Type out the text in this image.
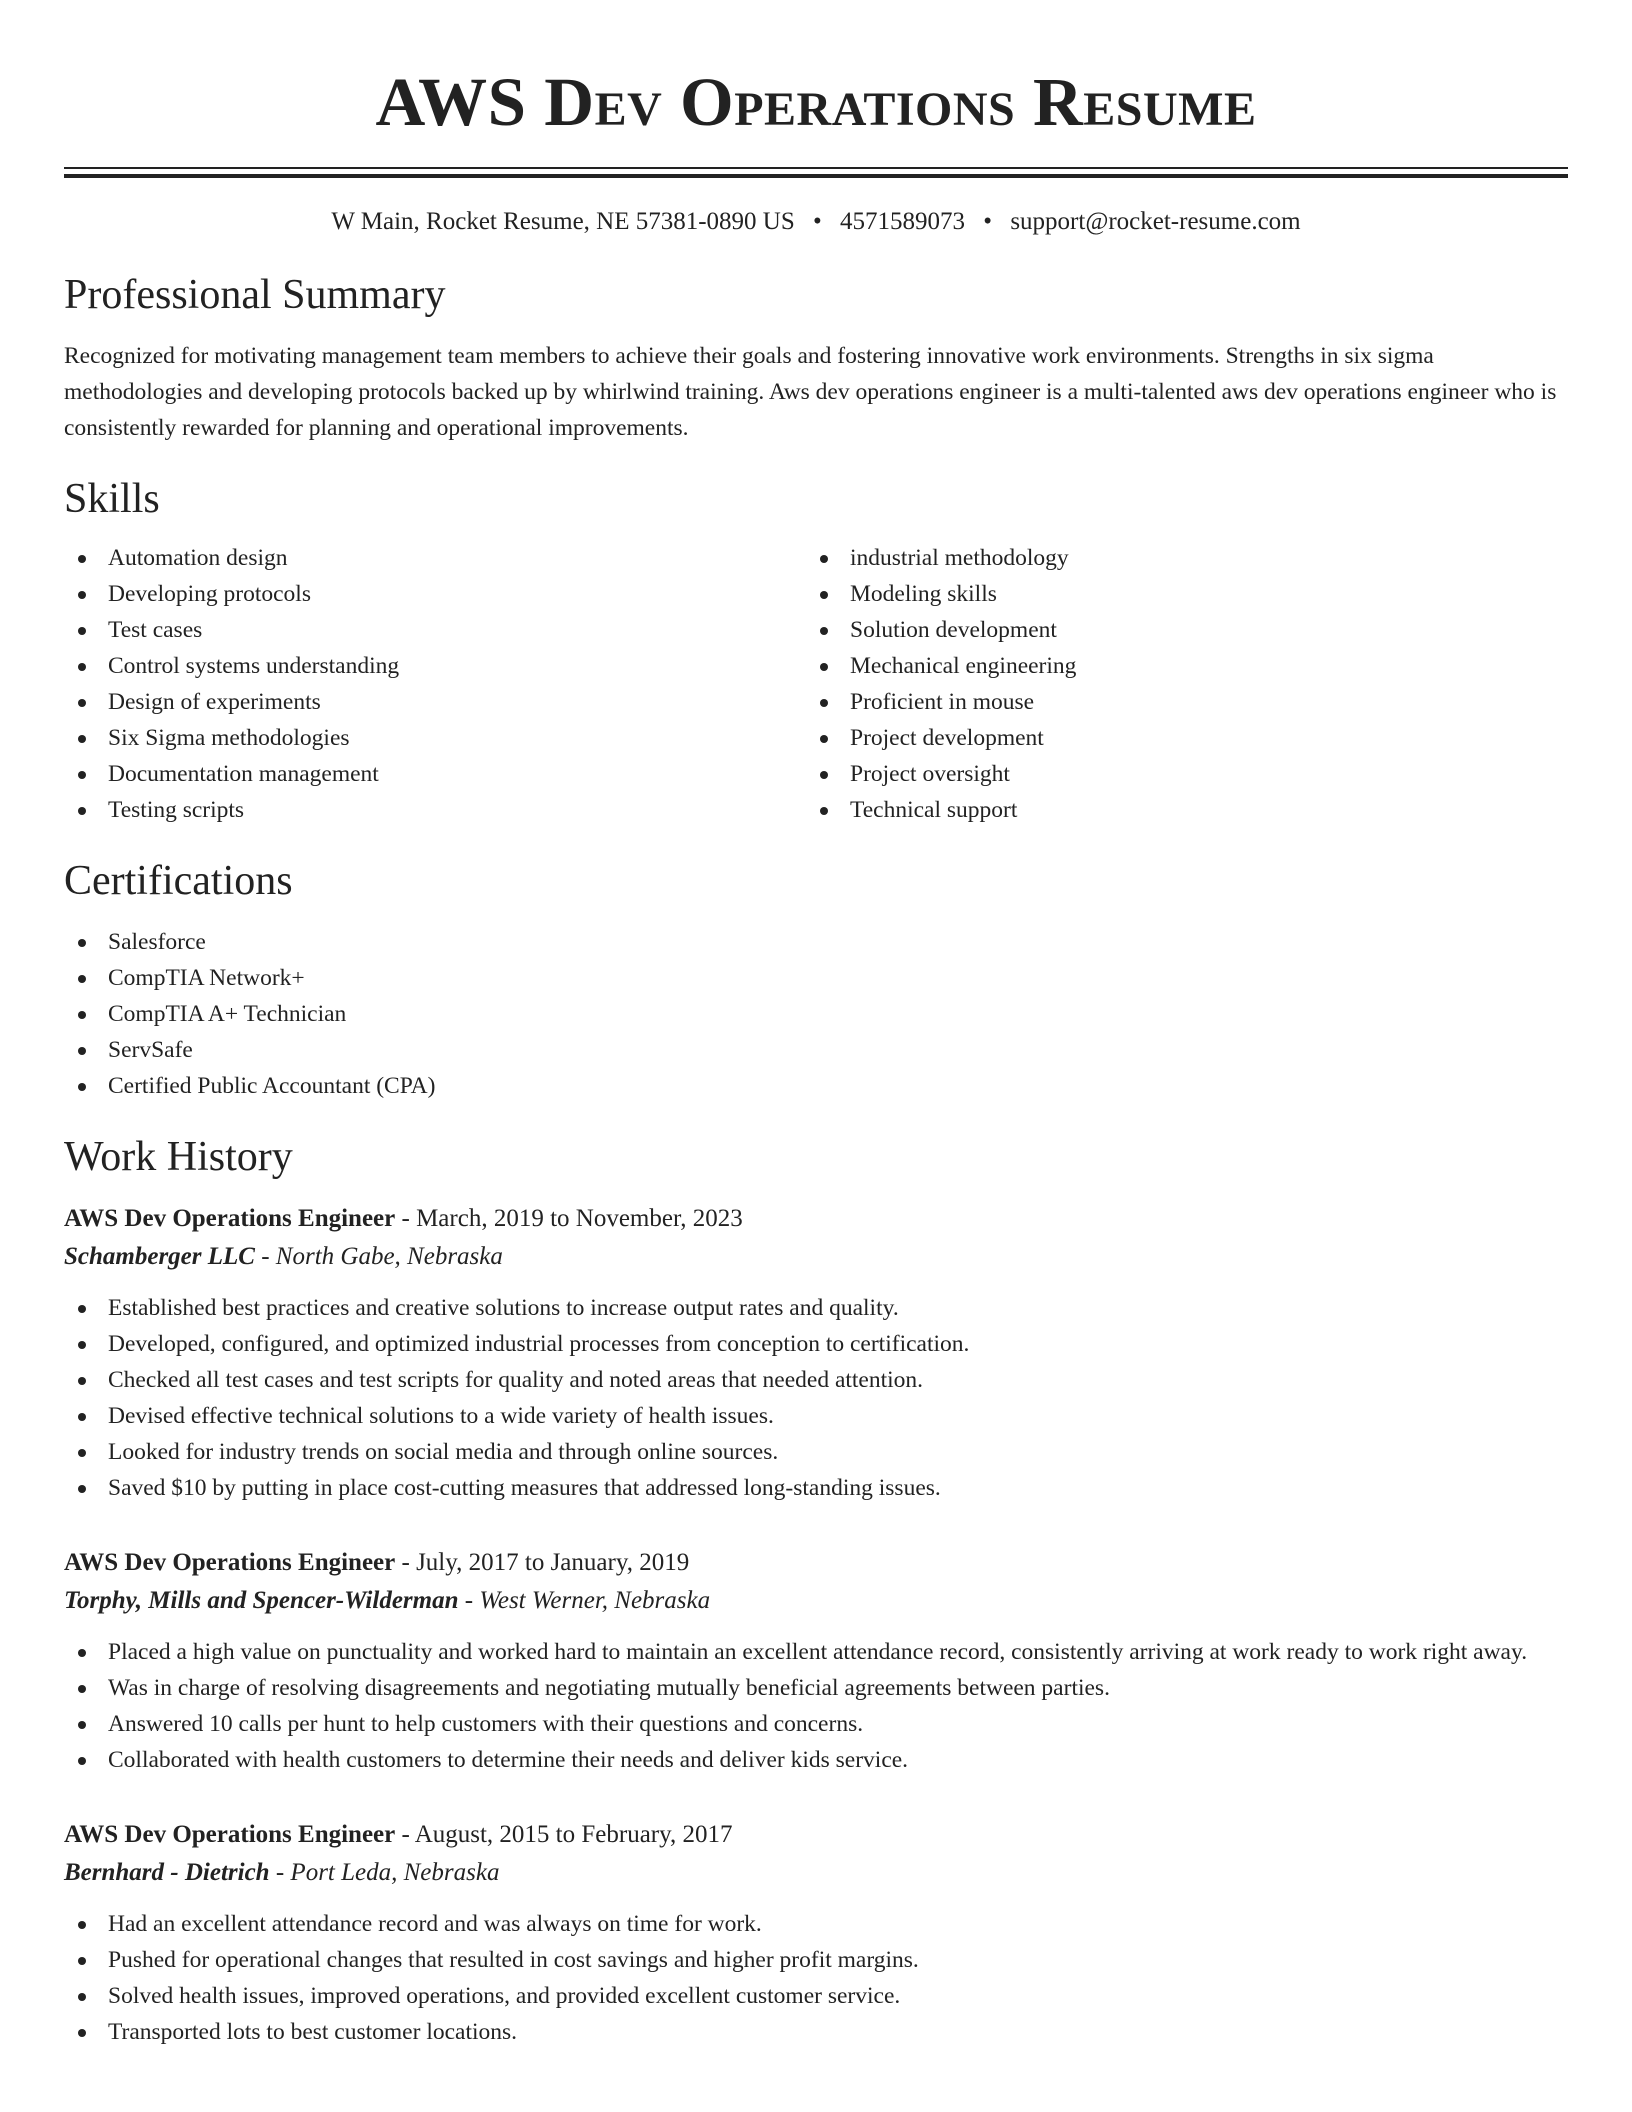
AWS Dev Operations Resume
W Main, Rocket Resume, NE 57381-0890 US • 4571589073 • support@rocket-resume.com
Professional Summary

Recognized for motivating management team members to achieve their goals and fostering innovative work environments. Strengths in six sigma methodologies and developing protocols backed up by whirlwind training. Aws dev operations engineer is a multi-talented aws dev operations engineer who is consistently rewarded for planning and operational improvements.

Skills
Automation design
Developing protocols
Test cases
Control systems understanding
Design of experiments
Six Sigma methodologies
Documentation management
Testing scripts
industrial methodology
Modeling skills
Solution development
Mechanical engineering
Proficient in mouse
Project development
Project oversight
Technical support
Certifications
Salesforce
CompTIA Network+
CompTIA A+ Technician
ServSafe
Certified Public Accountant (CPA)
Work History
AWS Dev Operations Engineer - March, 2019 to November, 2023
Schamberger LLC - North Gabe, Nebraska
Established best practices and creative solutions to increase output rates and quality.
Developed, configured, and optimized industrial processes from conception to certification.
Checked all test cases and test scripts for quality and noted areas that needed attention.
Devised effective technical solutions to a wide variety of health issues.
Looked for industry trends on social media and through online sources.
Saved $10 by putting in place cost-cutting measures that addressed long-standing issues.
AWS Dev Operations Engineer - July, 2017 to January, 2019
Torphy, Mills and Spencer-Wilderman - West Werner, Nebraska
Placed a high value on punctuality and worked hard to maintain an excellent attendance record, consistently arriving at work ready to work right away.
Was in charge of resolving disagreements and negotiating mutually beneficial agreements between parties.
Answered 10 calls per hunt to help customers with their questions and concerns.
Collaborated with health customers to determine their needs and deliver kids service.
AWS Dev Operations Engineer - August, 2015 to February, 2017
Bernhard - Dietrich - Port Leda, Nebraska
Had an excellent attendance record and was always on time for work.
Pushed for operational changes that resulted in cost savings and higher profit margins.
Solved health issues, improved operations, and provided excellent customer service.
Transported lots to best customer locations.
